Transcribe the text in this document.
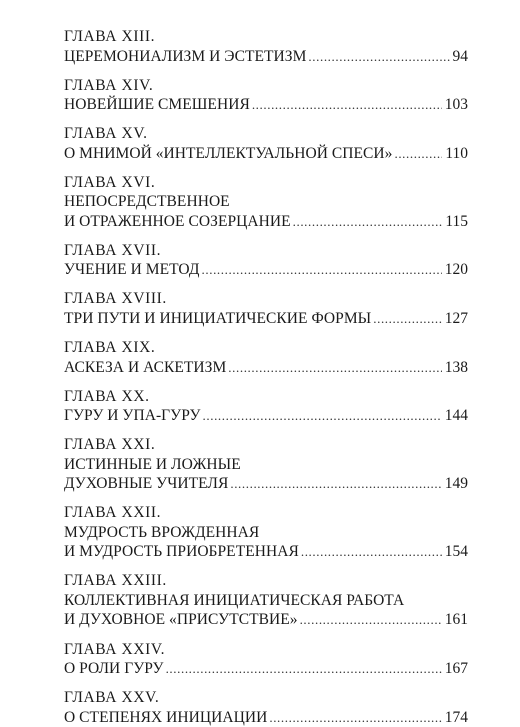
ГЛАВА XIII.
ЦЕРЕМОНИАЛИЗМ И ЭСТЕТИЗМ .....	94
ГЛАВА XIV.
НОВЕЙШИЕ СМЕШЕНИЯ .....	103
ГЛАВА XV.
О МНИМОЙ «ИНТЕЛЛЕКТУАЛЬНОЙ СПЕСИ» .....	110
ГЛАВА XVI.
НЕПОСРЕДСТВЕННОЕ
И ОТРАЖЕННОЕ СОЗЕРЦАНИЕ .....	115
ГЛАВА XVII.
УЧЕНИЕ И МЕТОД .....	120
ГЛАВА XVIII.
ТРИ ПУТИ И ИНИЦИАТИЧЕСКИЕ ФОРМЫ .....	127
ГЛАВА XIX.
АСКЕЗА И АСКЕТИЗМ .....	138
ГЛАВА XX.
ГУРУ И УПА-ГУРУ .....	144
ГЛАВА XXI.
ИСТИННЫЕ И ЛОЖНЫЕ
ДУХОВНЫЕ УЧИТЕЛЯ .....	149
ГЛАВА XXII.
МУДРОСТЬ ВРОЖДЕННАЯ
И МУДРОСТЬ ПРИОБРЕТЕННАЯ .....	154
ГЛАВА XXIII.
КОЛЛЕКТИВНАЯ ИНИЦИАТИЧЕСКАЯ РАБОТА
И ДУХОВНОЕ «ПРИСУТСТВИЕ» .....	161
ГЛАВА XXIV.
О РОЛИ ГУРУ .....	167
ГЛАВА XXV.
О СТЕПЕНЯХ ИНИЦИАЦИИ .....	174
